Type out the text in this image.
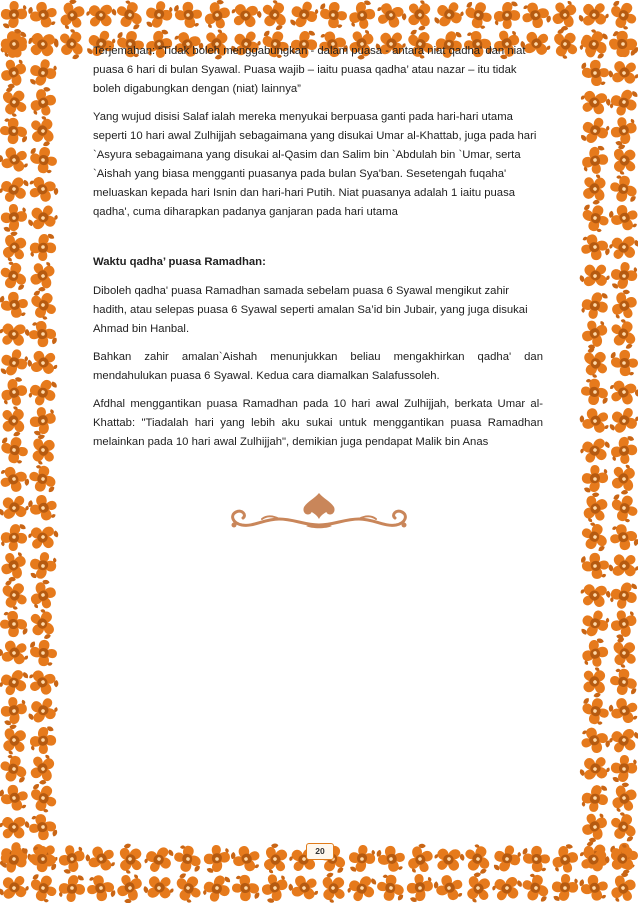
Terjemahan: “Tidak boleh menggabungkan - dalam puasa - antara niat qadha' dan niat puasa 6 hari di bulan Syawal. Puasa wajib – iaitu puasa qadha’ atau nazar – itu tidak boleh digabungkan dengan (niat) lainnya”

Yang wujud disisi Salaf ialah mereka menyukai berpuasa ganti pada hari-hari utama seperti 10 hari awal Zulhijjah sebagaimana yang disukai Umar al-Khattab, juga pada hari `Asyura sebagaimana yang disukai al-Qasim dan Salim bin `Abdulah bin `Umar, serta `Aishah yang biasa mengganti puasanya pada bulan Sya'ban. Sesetengah fuqaha' meluaskan kepada hari Isnin dan hari-hari Putih. Niat puasanya adalah 1 iaitu puasa qadha', cuma diharapkan padanya ganjaran pada hari utama

Waktu qadha’ puasa Ramadhan:

Diboleh qadha' puasa Ramadhan samada sebelam puasa 6 Syawal mengikut zahir hadith, atau selepas puasa 6 Syawal seperti amalan Sa’id bin Jubair, yang juga disukai Ahmad bin Hanbal.

Bahkan zahir amalan`Aishah menunjukkan beliau mengakhirkan qadha' dan mendahulukan puasa 6 Syawal. Kedua cara diamalkan Salafussoleh.

Afdhal menggantikan puasa Ramadhan pada 10 hari awal Zulhijjah, berkata Umar al-Khattab: "Tiadalah hari yang lebih aku sukai untuk menggantikan puasa Ramadhan melainkan pada 10 hari awal Zulhijjah", demikian juga pendapat Malik bin Anas

20
